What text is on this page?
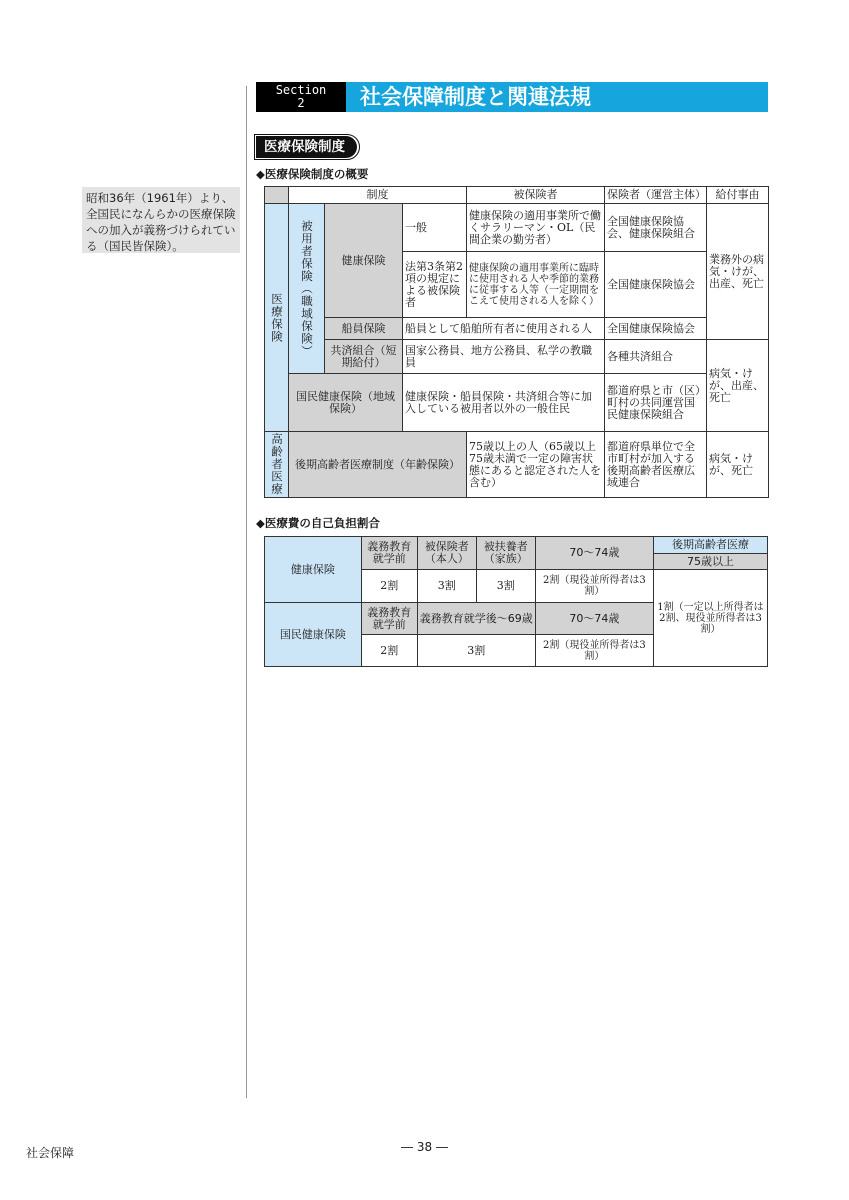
Section
2	社会保障制度と関連法規
昭和36年（1961年）より、全国民になんらかの医療保険への加入が義務づけられている（国民皆保険）。
医療保険制度
◆医療保険制度の概要
	制度			被保険者	保険者（運営主体）	給付事由

医療保険	被用者保険（職域保険）	健康保険	一般	健康保険の適用事業所で働くサラリーマン・OL（民間企業の勤労者）	全国健康保険協会、健康保険組合	業務外の病気・けが、出産、死亡
			法第3条第2項の規定による被保険者	健康保険の適用事業所に臨時に使用される人や季節的業務に従事する人等（一定期間をこえて使用される人を除く）	全国健康保険協会	
		船員保険	船員として船舶所有者に使用される人		全国健康保険協会	
		共済組合（短期給付）	国家公務員、地方公務員、私学の教職員		各種共済組合	病気・けが、出産、死亡
	国民健康保険（地域保険）		健康保険・船員保険・共済組合等に加入している被用者以外の一般住民		都道府県と市（区）町村の共同運営国民健康保険組合	

高齢者医療	後期高齢者医療制度（年齢保険）			75歳以上の人（65歳以上75歳未満で一定の障害状態にあると認定された人を含む）	都道府県単位で全市町村が加入する後期高齢者医療広域連合	病気・けが、死亡
◆医療費の自己負担割合
健康保険	義務教育就学前	被保険者（本人）	被扶養者（家族）	70～74歳	後期高齢者医療
					75歳以上
	2割	3割	3割	2割（現役並所得者は3割）	1割（一定以上所得者は2割、現役並所得者は3割）
国民健康保険	義務教育就学前	義務教育就学後～69歳		70～74歳	
	2割	3割		2割（現役並所得者は3割）	
社会保障	― 38 ―
